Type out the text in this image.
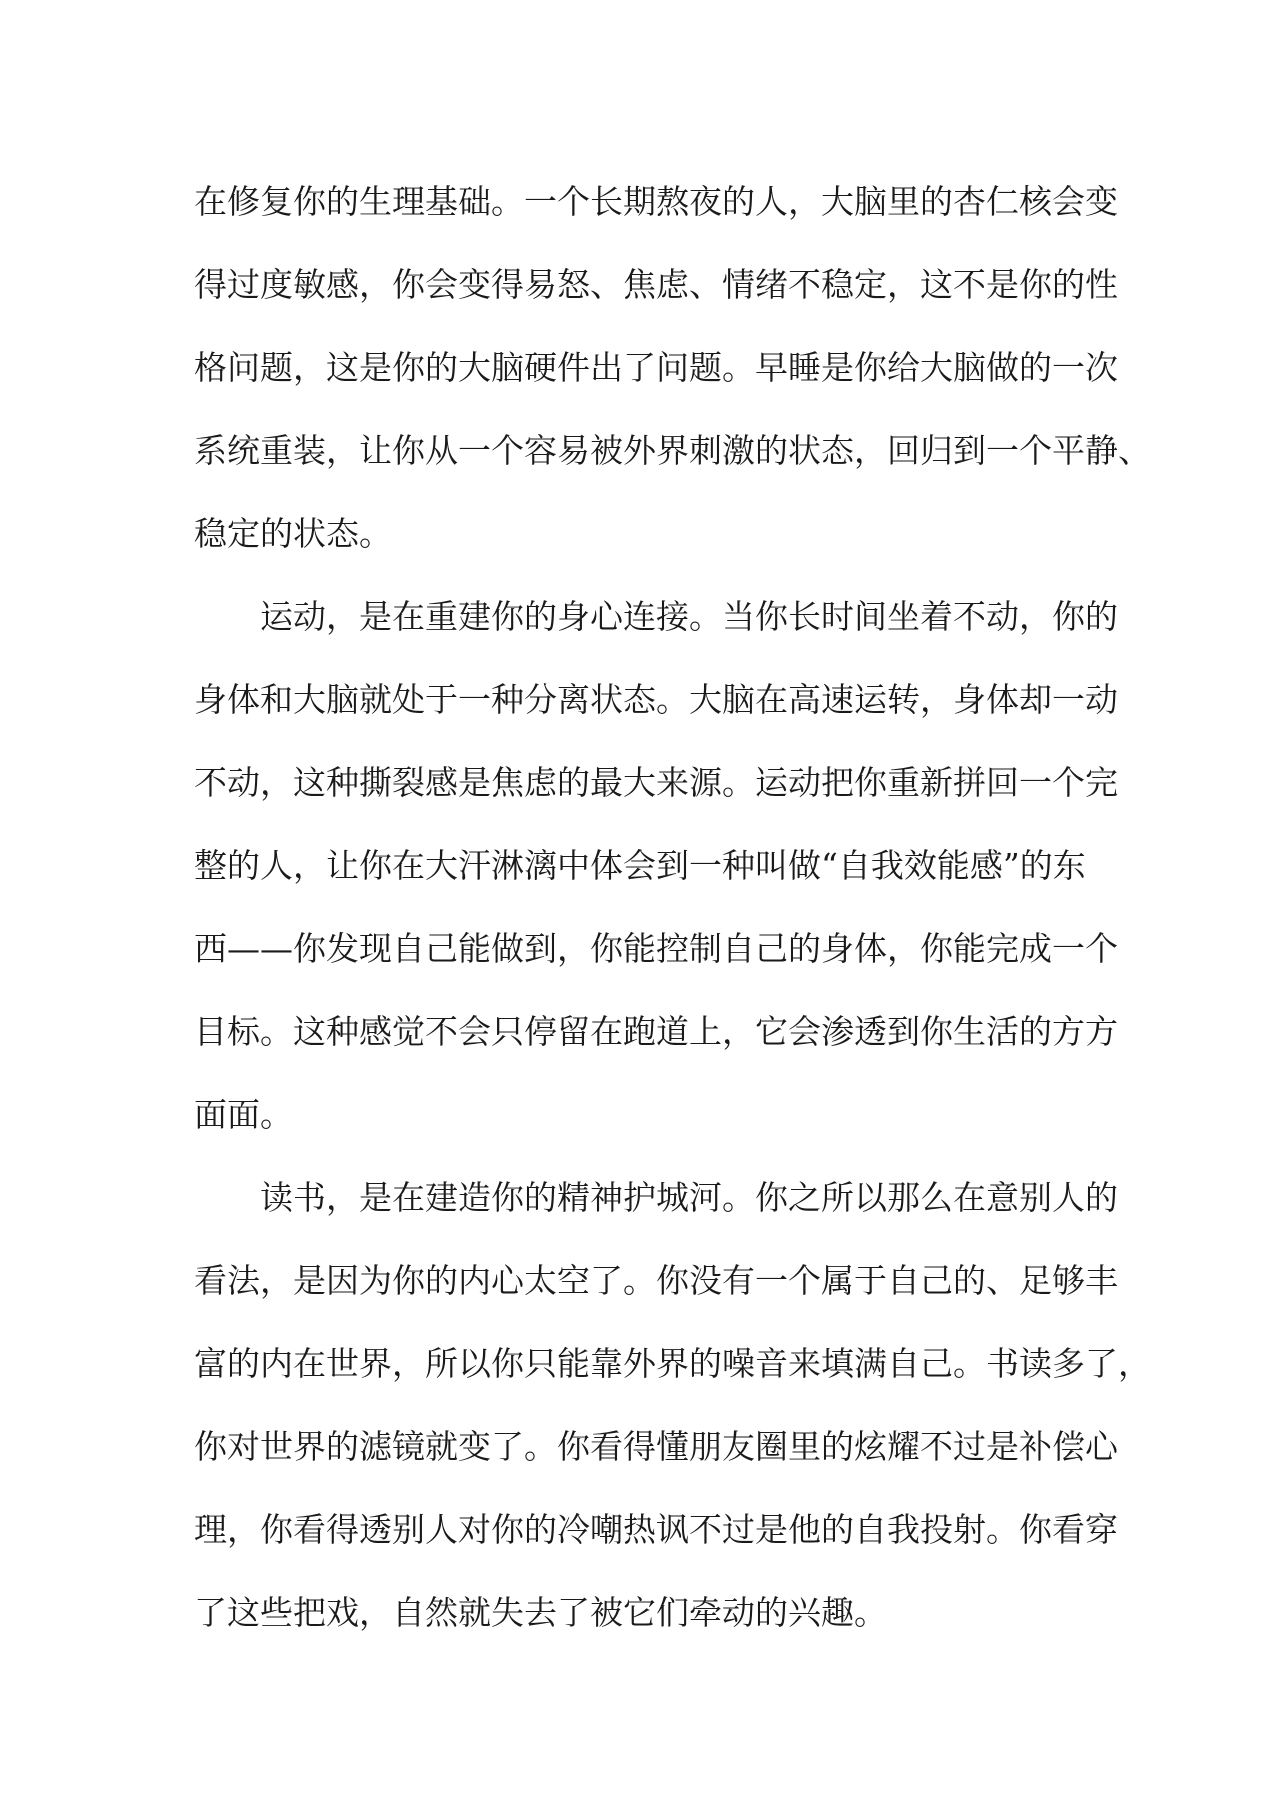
在修复你的生理基础。一个长期熬夜的人，大脑里的杏仁核会变
得过度敏感，你会变得易怒、焦虑、情绪不稳定，这不是你的性
格问题，这是你的大脑硬件出了问题。早睡是你给大脑做的一次
系统重装，让你从一个容易被外界刺激的状态，回归到一个平静、
稳定的状态。
运动，是在重建你的身心连接。当你长时间坐着不动，你的
身体和大脑就处于一种分离状态。大脑在高速运转，身体却一动
不动，这种撕裂感是焦虑的最大来源。运动把你重新拼回一个完
整的人，让你在大汗淋漓中体会到一种叫做“自我效能感”的东
西——你发现自己能做到，你能控制自己的身体，你能完成一个
目标。这种感觉不会只停留在跑道上，它会渗透到你生活的方方
面面。
读书，是在建造你的精神护城河。你之所以那么在意别人的
看法，是因为你的内心太空了。你没有一个属于自己的、足够丰
富的内在世界，所以你只能靠外界的噪音来填满自己。书读多了，
你对世界的滤镜就变了。你看得懂朋友圈里的炫耀不过是补偿心
理，你看得透别人对你的冷嘲热讽不过是他的自我投射。你看穿
了这些把戏，自然就失去了被它们牵动的兴趣。
